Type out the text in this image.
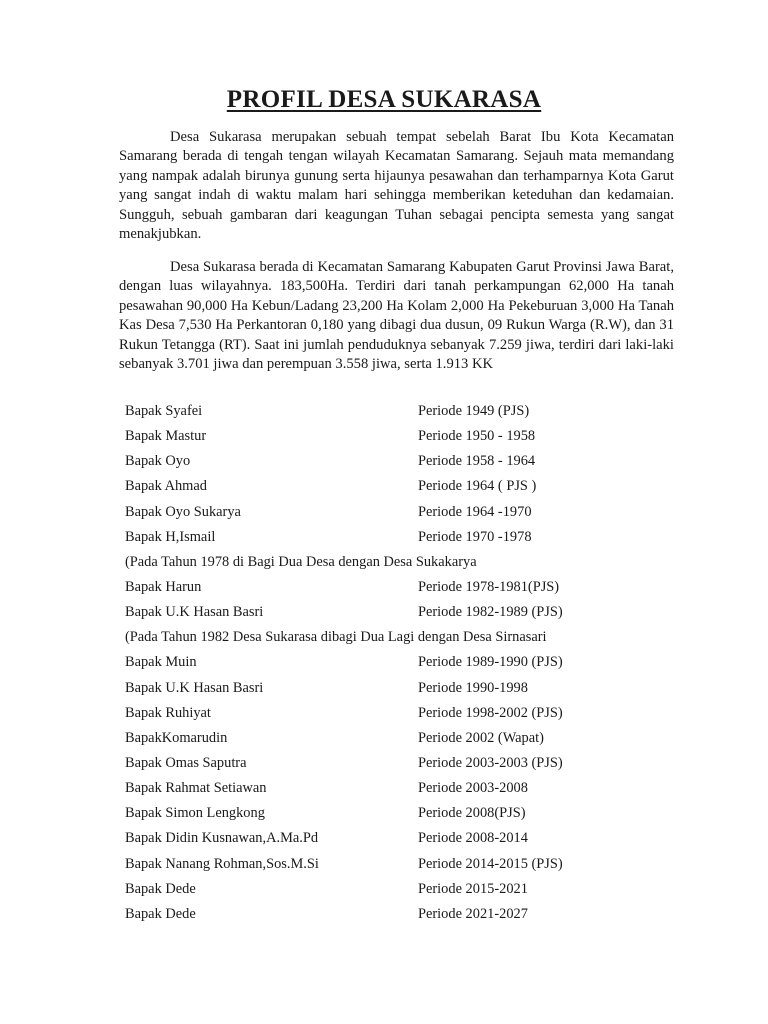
PROFIL DESA SUKARASA

Desa Sukarasa merupakan sebuah tempat sebelah Barat Ibu Kota Kecamatan Samarang berada di tengah tengan wilayah Kecamatan Samarang. Sejauh mata memandang yang nampak adalah birunya gunung serta hijaunya pesawahan dan terhamparnya Kota Garut yang sangat indah di waktu malam hari sehingga memberikan keteduhan dan kedamaian. Sungguh, sebuah gambaran dari keagungan Tuhan sebagai pencipta semesta yang sangat menakjubkan.

Desa Sukarasa berada di Kecamatan Samarang Kabupaten Garut Provinsi Jawa Barat, dengan luas wilayahnya. 183,500Ha. Terdiri dari tanah perkampungan 62,000 Ha tanah pesawahan 90,000 Ha Kebun/Ladang 23,200 Ha Kolam 2,000 Ha Pekeburuan 3,000 Ha Tanah Kas Desa 7,530 Ha Perkantoran 0,180 yang dibagi dua dusun, 09 Rukun Warga (R.W), dan 31 Rukun Tetangga (RT). Saat ini jumlah penduduknya sebanyak 7.259 jiwa, terdiri dari laki-laki sebanyak 3.701 jiwa dan perempuan 3.558 jiwa, serta 1.913 KK

Bapak Syafei	Periode 1949 (PJS)
Bapak Mastur	Periode 1950 - 1958
Bapak Oyo	Periode 1958 - 1964
Bapak Ahmad	Periode 1964 ( PJS )
Bapak Oyo Sukarya	Periode 1964 -1970
Bapak H,Ismail	Periode 1970 -1978
(Pada Tahun 1978 di Bagi Dua Desa dengan Desa Sukakarya
Bapak Harun	Periode 1978-1981(PJS)
Bapak U.K Hasan Basri	Periode 1982-1989 (PJS)
(Pada Tahun 1982 Desa Sukarasa dibagi Dua Lagi dengan Desa Sirnasari
Bapak Muin	Periode 1989-1990 (PJS)
Bapak U.K Hasan Basri	Periode 1990-1998
Bapak Ruhiyat	Periode 1998-2002 (PJS)
BapakKomarudin	Periode 2002 (Wapat)
Bapak Omas Saputra	Periode 2003-2003 (PJS)
Bapak Rahmat Setiawan	Periode 2003-2008
Bapak Simon Lengkong	Periode 2008(PJS)
Bapak Didin Kusnawan,A.Ma.Pd	Periode 2008-2014
Bapak Nanang Rohman,Sos.M.Si	Periode 2014-2015 (PJS)
Bapak Dede	Periode 2015-2021
Bapak Dede	Periode 2021-2027
